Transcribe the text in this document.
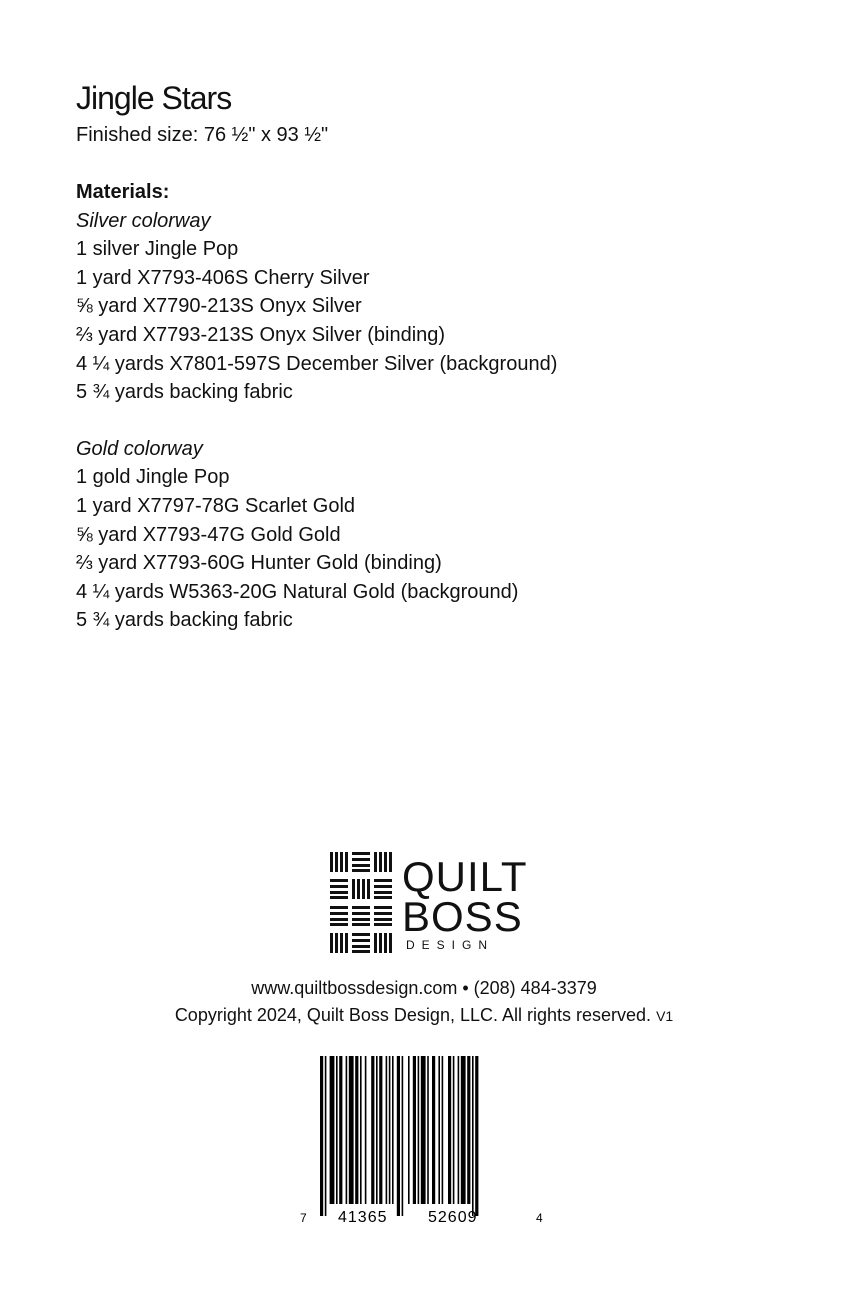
Jingle Stars
Finished size: 76 ½" x 93 ½"
Materials:
Silver colorway
1 silver Jingle Pop
1 yard X7793-406S Cherry Silver
⅝ yard X7790-213S Onyx Silver
⅔ yard X7793-213S Onyx Silver (binding)
4 ¼ yards X7801-597S December Silver (background)
5 ¾ yards backing fabric
Gold colorway
1 gold Jingle Pop
1 yard X7797-78G Scarlet Gold
⅝ yard X7793-47G Gold Gold
⅔ yard X7793-60G Hunter Gold (binding)
4 ¼ yards W5363-20G Natural Gold (background)
5 ¾ yards backing fabric
QUILT
BOSS
DESIGN
www.quiltbossdesign.com • (208) 484-3379
Copyright 2024, Quilt Boss Design, LLC. All rights reserved. V1
7 41365	52609	4
